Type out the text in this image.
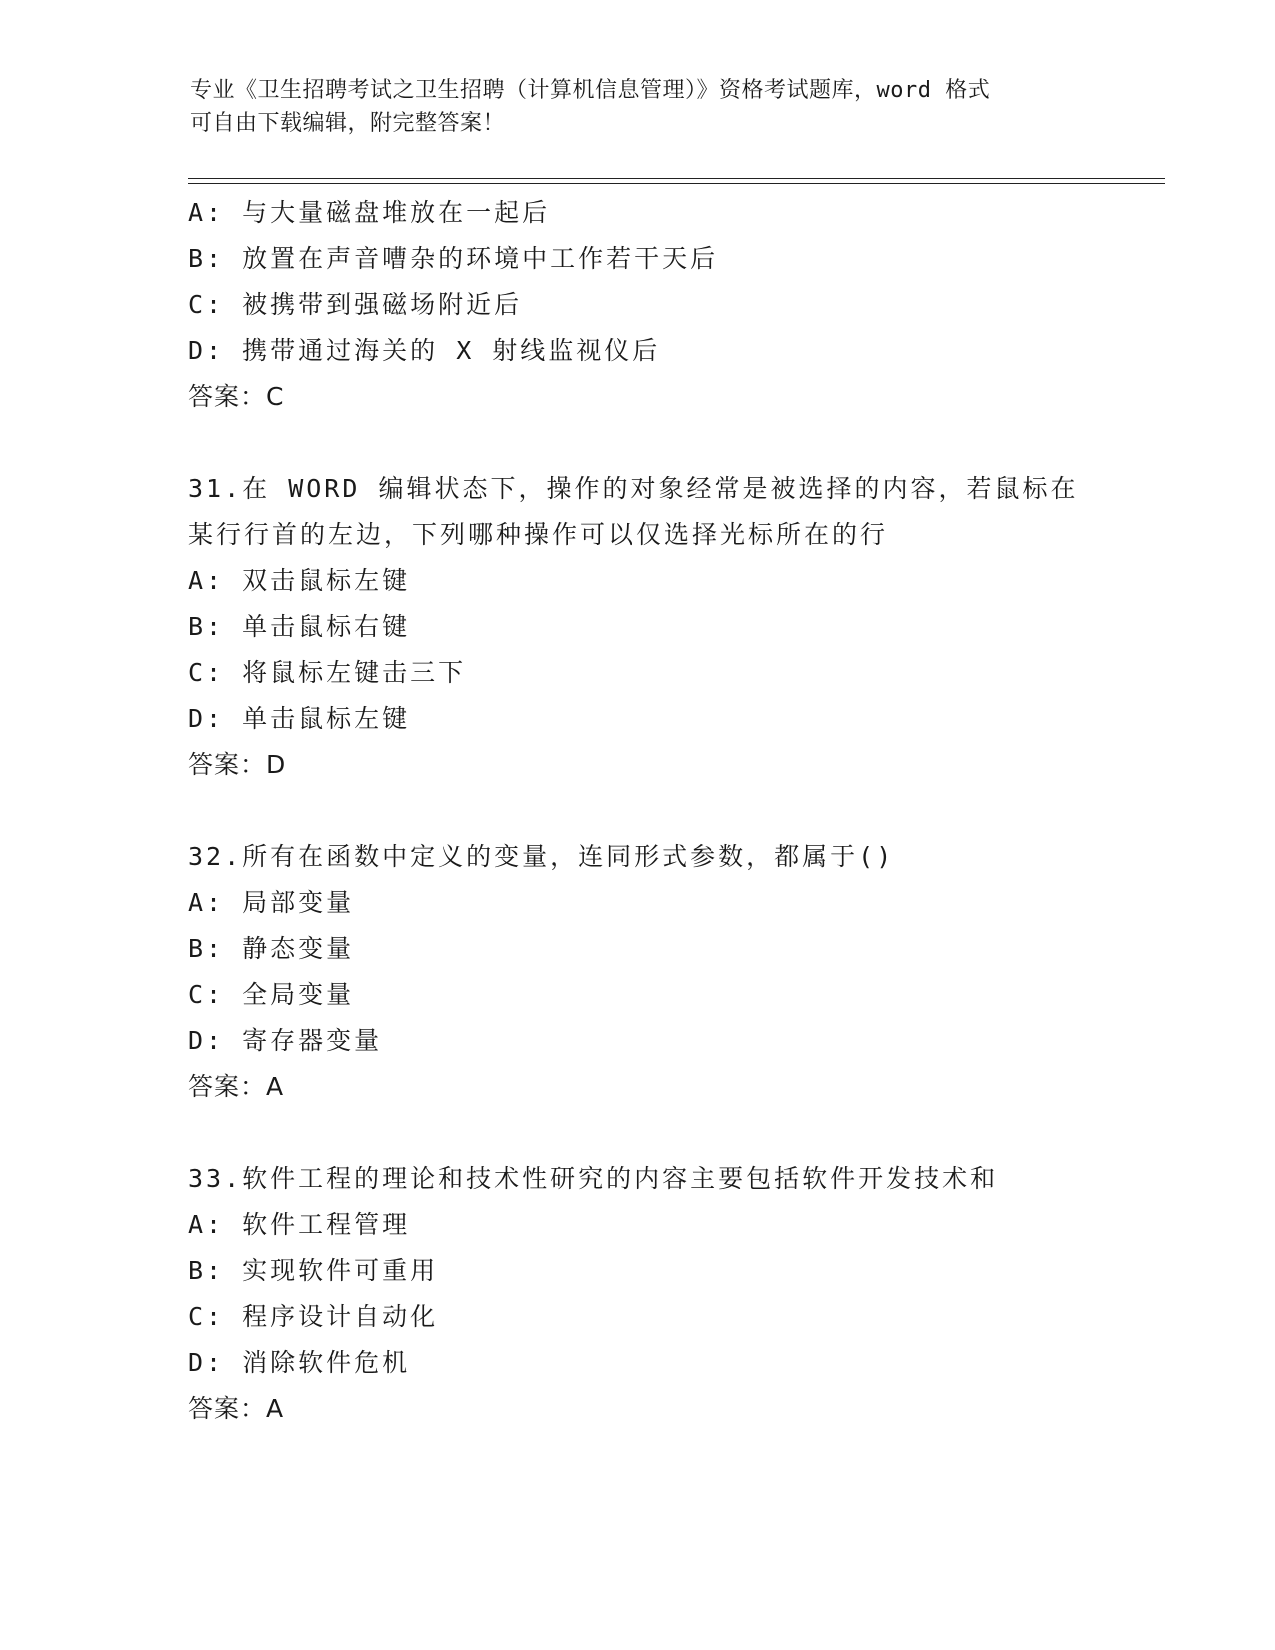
专业《卫生招聘考试之卫生招聘（计算机信息管理）》资格考试题库，word 格式
可自由下载编辑，附完整答案！
A: 与大量磁盘堆放在一起后
B: 放置在声音嘈杂的环境中工作若干天后
C: 被携带到强磁场附近后
D: 携带通过海关的 X 射线监视仪后
答案：C
31.在 WORD 编辑状态下，操作的对象经常是被选择的内容，若鼠标在
某行行首的左边，下列哪种操作可以仅选择光标所在的行
A: 双击鼠标左键
B: 单击鼠标右键
C: 将鼠标左键击三下
D: 单击鼠标左键
答案：D
32.所有在函数中定义的变量，连同形式参数，都属于()
A: 局部变量
B: 静态变量
C: 全局变量
D: 寄存器变量
答案：A
33.软件工程的理论和技术性研究的内容主要包括软件开发技术和
A: 软件工程管理
B: 实现软件可重用
C: 程序设计自动化
D: 消除软件危机
答案：A
